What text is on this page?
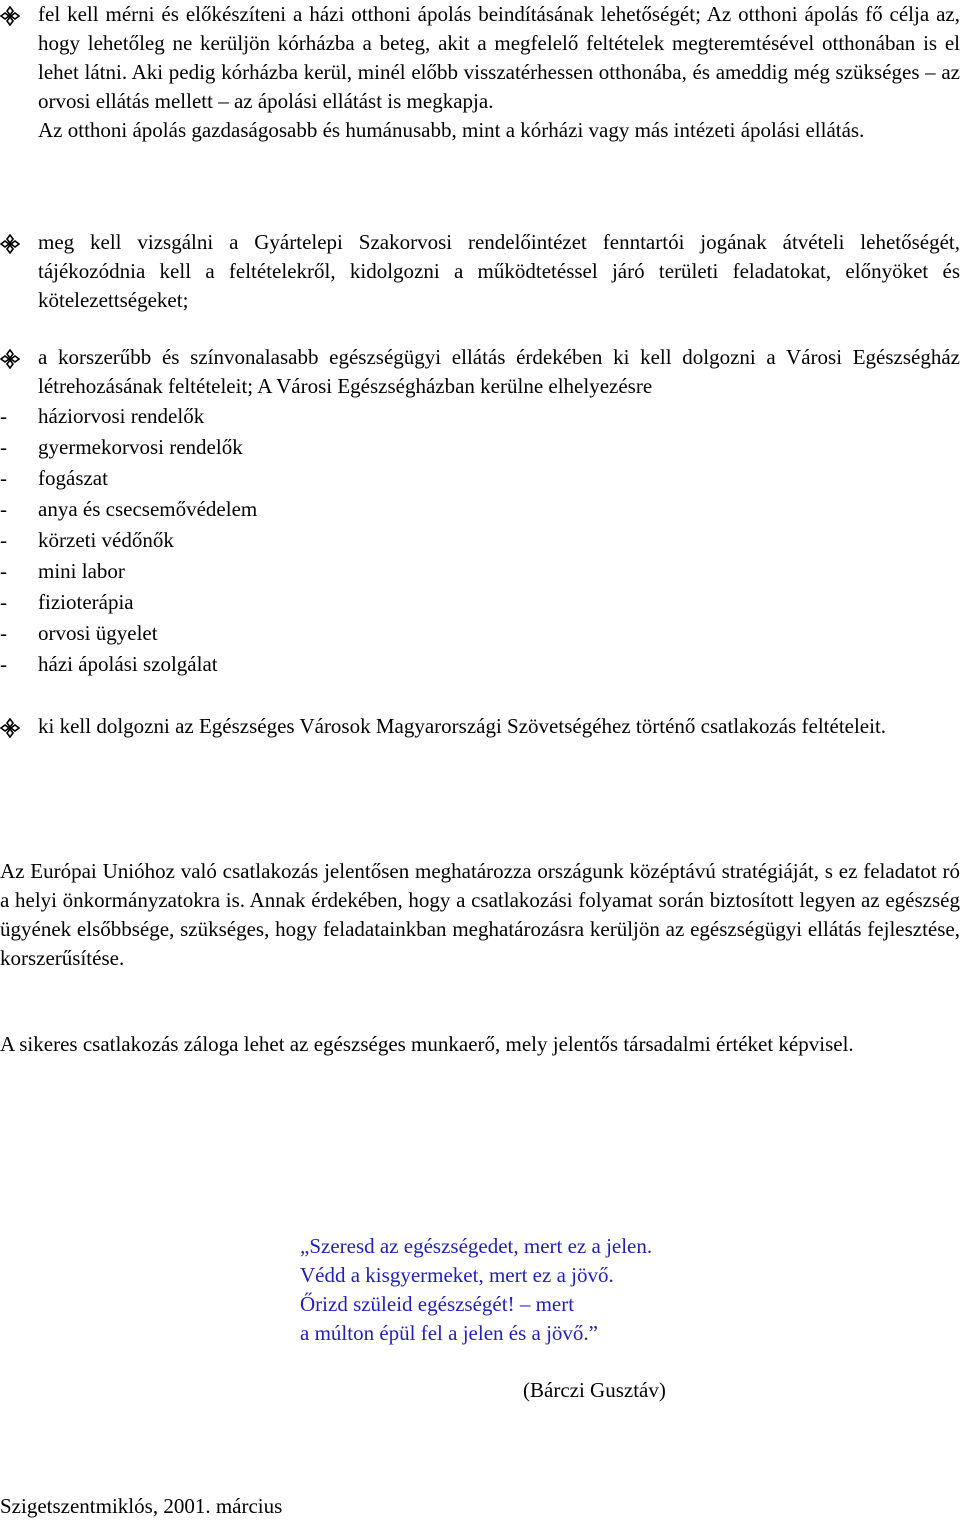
fel kell mérni és előkészíteni a házi otthoni ápolás beindításának lehetőségét; Az otthoni ápolás fő célja az, hogy lehetőleg ne kerüljön kórházba a beteg, akit a megfelelő feltételek megteremtésével otthonában is el lehet látni. Aki pedig kórházba kerül, minél előbb visszatérhessen otthonába, és ameddig még szükséges – az orvosi ellátás mellett – az ápolási ellátást is megkapja.

Az otthoni ápolás gazdaságosabb és humánusabb, mint a kórházi vagy más intézeti ápolási ellátás.

meg kell vizsgálni a Gyártelepi Szakorvosi rendelőintézet fenntartói jogának átvételi lehetőségét, tájékozódnia kell a feltételekről, kidolgozni a működtetéssel járó területi feladatokat, előnyöket és kötelezettségeket;

a korszerűbb és színvonalasabb egészségügyi ellátás érdekében ki kell dolgozni a Városi Egészségház létrehozásának feltételeit; A Városi Egészségházban kerülne elhelyezésre

- háziorvosi rendelők
- gyermekorvosi rendelők
- fogászat
- anya és csecsemővédelem
- körzeti védőnők
- mini labor
- fizioterápia
- orvosi ügyelet
- házi ápolási szolgálat

ki kell dolgozni az Egészséges Városok Magyarországi Szövetségéhez történő csatlakozás feltételeit.

Az Európai Unióhoz való csatlakozás jelentősen meghatározza országunk középtávú stratégiáját, s ez feladatot ró a helyi önkormányzatokra is. Annak érdekében, hogy a csatlakozási folyamat során biztosított legyen az egészség ügyének elsőbbsége, szükséges, hogy feladatainkban meghatározásra kerüljön az egészségügyi ellátás fejlesztése, korszerűsítése.

A sikeres csatlakozás záloga lehet az egészséges munkaerő, mely jelentős társadalmi értéket képvisel.

„Szeresd az egészségedet, mert ez a jelen.
Védd a kisgyermeket, mert ez a jövő.
Őrizd szüleid egészségét! – mert
a múlton épül fel a jelen és a jövő.”
(Bárczi Gusztáv)
Szigetszentmiklós, 2001. március
